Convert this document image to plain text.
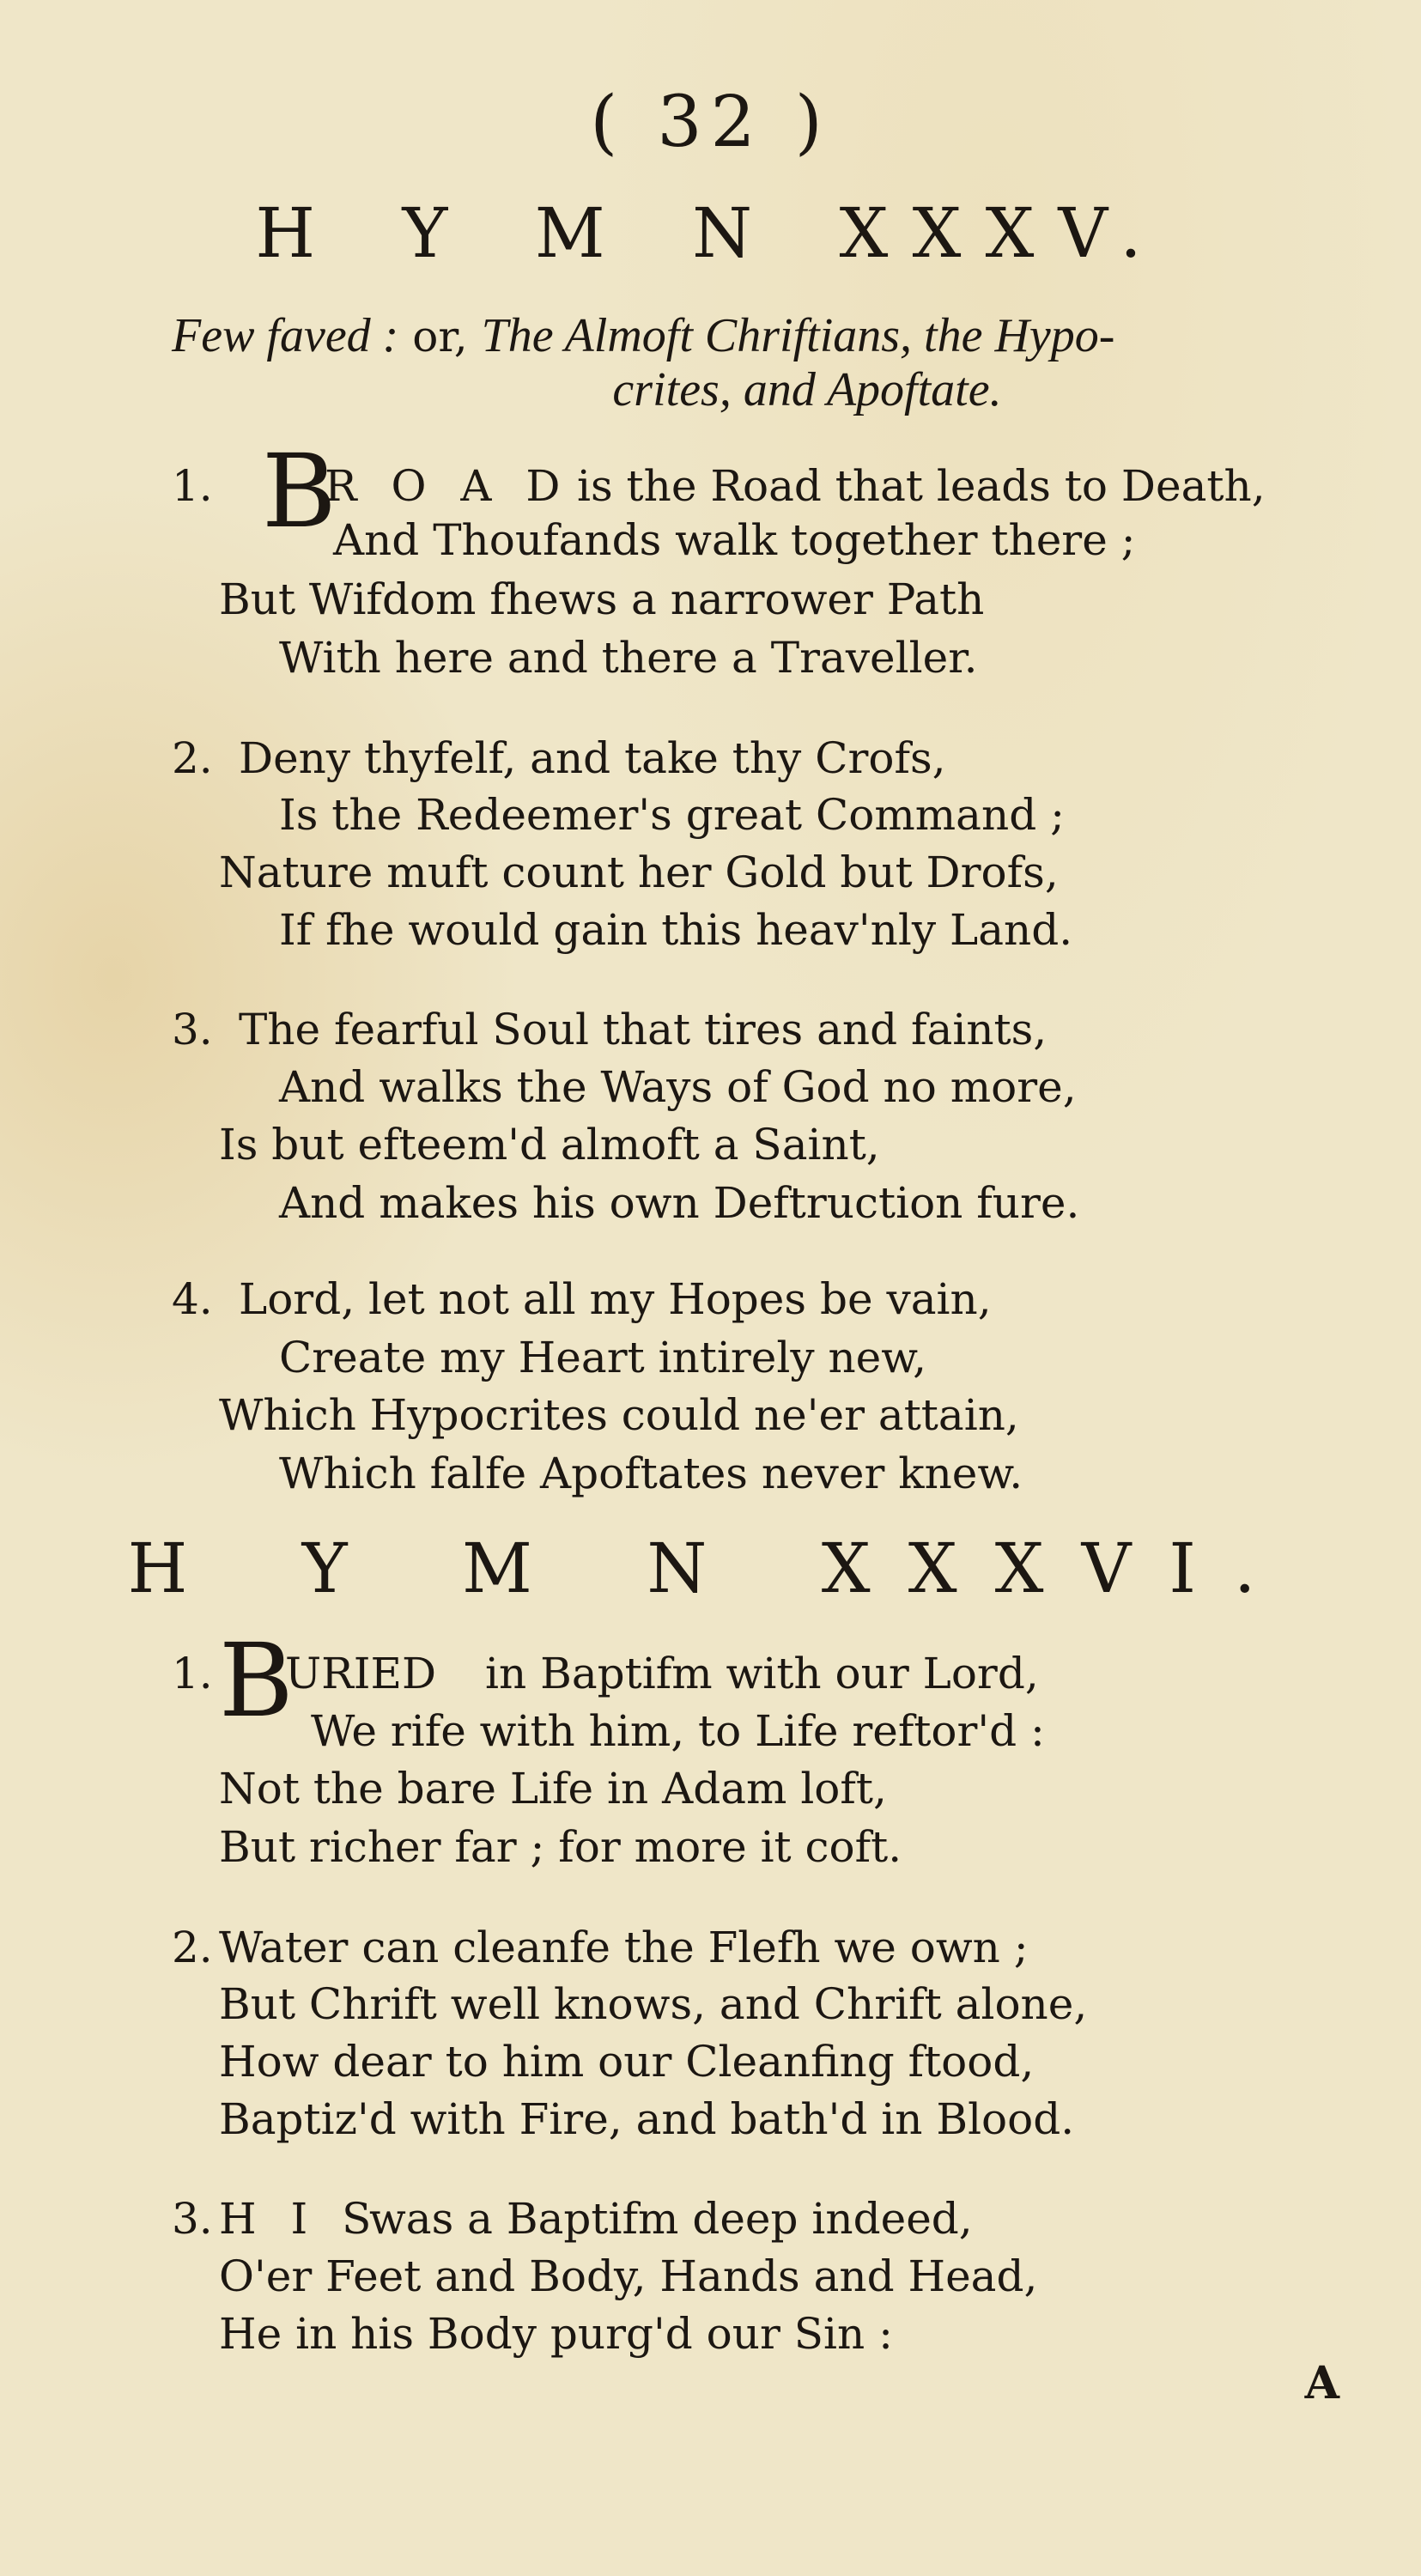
( 32 )
H Y M N XXXV.
Few faved : or, The Almoft Chriftians, the Hypo-
crites, and Apoftate.
1. B
R O A D is the Road that leads to Death,
And Thoufands walk together there ;
But Wifdom fhews a narrower Path
With here and there a Traveller.
2. Deny thyfelf, and take thy Crofs,
Is the Redeemer's great Command ;
Nature muft count her Gold but Drofs,
If fhe would gain this heav'nly Land.
3. The fearful Soul that tires and faints,
And walks the Ways of God no more,
Is but efteem'd almoft a Saint,
And makes his own Deftruction fure.
4. Lord, let not all my Hopes be vain,
Create my Heart intirely new,
Which Hypocrites could ne'er attain,
Which falfe Apoftates never knew.
H Y M N XXXVI.
1. B
URIED in Baptifm with our Lord,
We rife with him, to Life reftor'd :
Not the bare Life in Adam loft,
But richer far ; for more it coft.
2. Water can cleanfe the Flefh we own ;
But Chrift well knows, and Chrift alone,
How dear to him our Cleanfing ftood,
Baptiz'd with Fire, and bath'd in Blood.
3. H I S
was a Baptifm deep indeed,
O'er Feet and Body, Hands and Head,
He in his Body purg'd our Sin :
A
